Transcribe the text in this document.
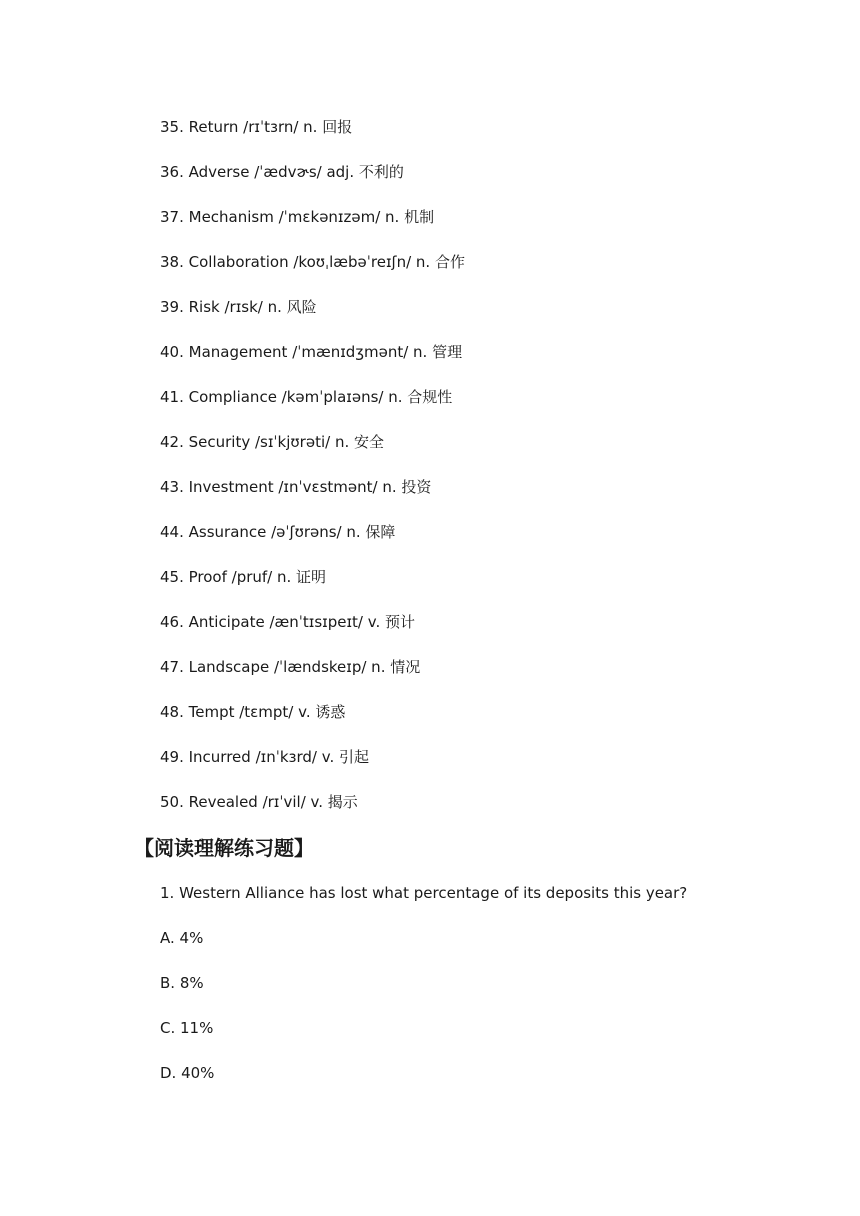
35. Return /rɪˈtɜrn/ n. 回报
36. Adverse /ˈædvɚs/ adj. 不利的
37. Mechanism /ˈmɛkənɪzəm/ n. 机制
38. Collaboration /koʊˌlæbəˈreɪʃn/ n. 合作
39. Risk /rɪsk/ n. 风险
40. Management /ˈmænɪdʒmənt/ n. 管理
41. Compliance /kəmˈplaɪəns/ n. 合规性
42. Security /sɪˈkjʊrəti/ n. 安全
43. Investment /ɪnˈvɛstmənt/ n. 投资
44. Assurance /əˈʃʊrəns/ n. 保障
45. Proof /pruf/ n. 证明
46. Anticipate /ænˈtɪsɪpeɪt/ v. 预计
47. Landscape /ˈlændskeɪp/ n. 情况
48. Tempt /tɛmpt/ v. 诱惑
49. Incurred /ɪnˈkɜrd/ v. 引起
50. Revealed /rɪˈvil/ v. 揭示
【阅读理解练习题】
1. Western Alliance has lost what percentage of its deposits this year?
A. 4%
B. 8%
C. 11%
D. 40%
